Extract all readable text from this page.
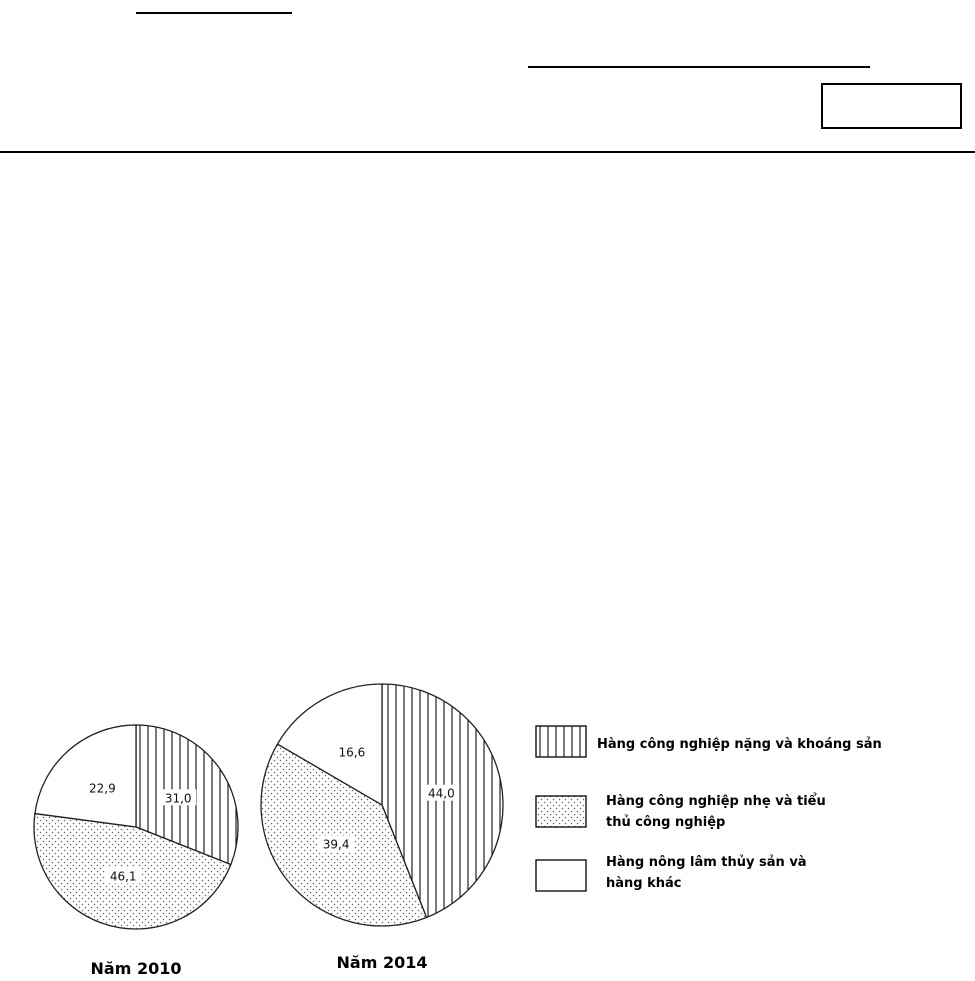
31,0
46,1
22,9
Năm 2010
44,0
39,4
16,6
Năm 2014
Hàng công nghiệp nặng và khoáng sản
Hàng công nghiệp nhẹ và tiểu
thủ công nghiệp
Hàng nông lâm thủy sản và
hàng khác
